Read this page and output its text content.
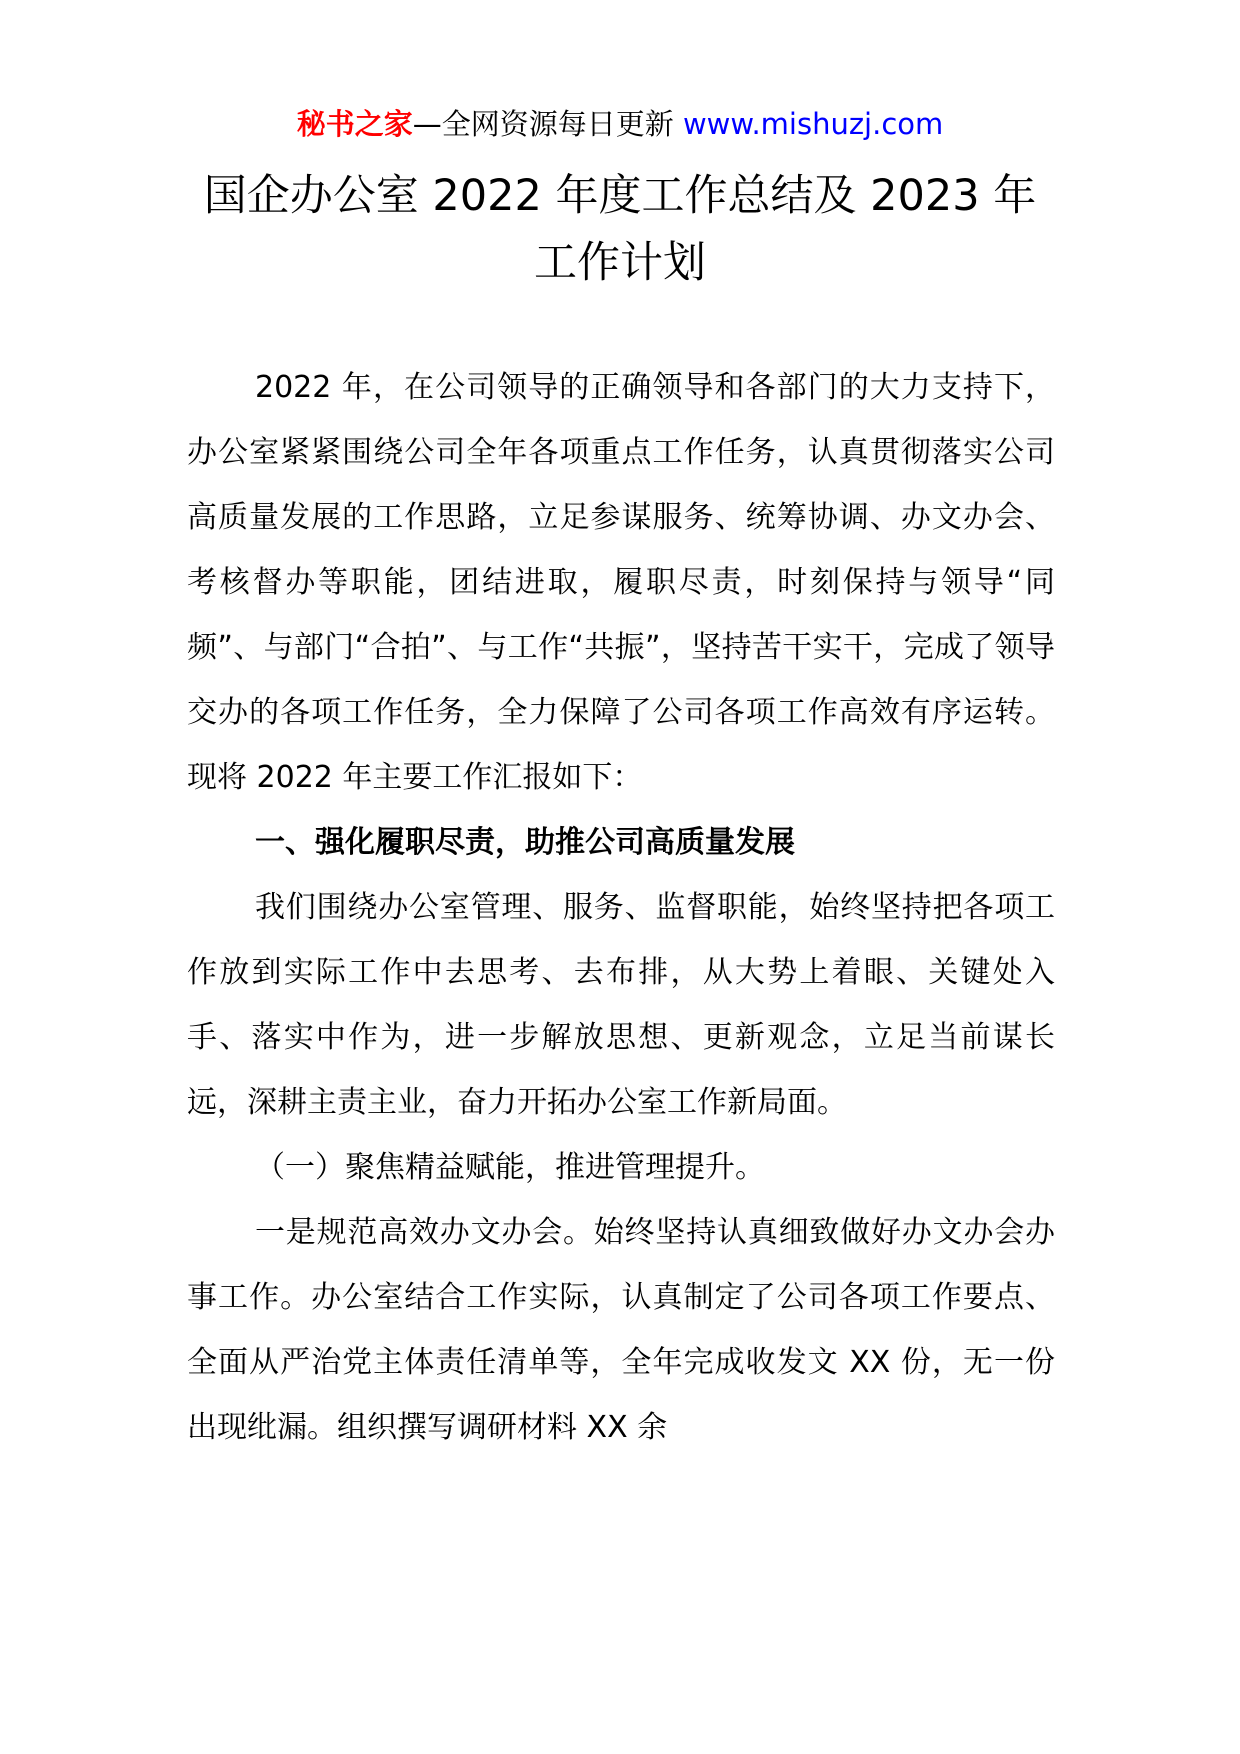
秘书之家—全网资源每日更新 www.mishuzj.com
国企办公室 2022 年度工作总结及 2023 年
工作计划

2022 年，在公司领导的正确领导和各部门的大力支持下，办公室紧紧围绕公司全年各项重点工作任务，认真贯彻落实公司高质量发展的工作思路，立足参谋服务、统筹协调、办文办会、考核督办等职能，团结进取，履职尽责，时刻保持与领导“同频”、与部门“合拍”、与工作“共振”，坚持苦干实干，完成了领导交办的各项工作任务，全力保障了公司各项工作高效有序运转。现将 2022 年主要工作汇报如下：

一、强化履职尽责，助推公司高质量发展

我们围绕办公室管理、服务、监督职能，始终坚持把各项工作放到实际工作中去思考、去布排，从大势上着眼、关键处入手、落实中作为，进一步解放思想、更新观念，立足当前谋长远，深耕主责主业，奋力开拓办公室工作新局面。

（一）聚焦精益赋能，推进管理提升。

一是规范高效办文办会。始终坚持认真细致做好办文办会办事工作。办公室结合工作实际，认真制定了公司各项工作要点、全面从严治党主体责任清单等，全年完成收发文 XX 份，无一份出现纰漏。组织撰写调研材料 XX 余
